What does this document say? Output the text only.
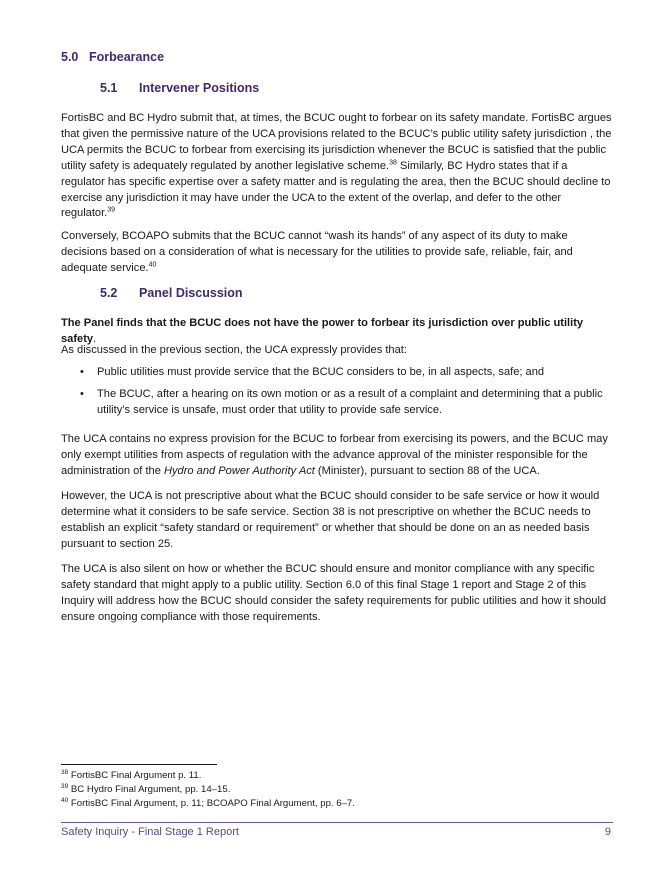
5.0 Forbearance
5.1 Intervener Positions

FortisBC and BC Hydro submit that, at times, the BCUC ought to forbear on its safety mandate. FortisBC argues that given the permissive nature of the UCA provisions related to the BCUC’s public utility safety jurisdiction , the UCA permits the BCUC to forbear from exercising its jurisdiction whenever the BCUC is satisfied that the public utility safety is adequately regulated by another legislative scheme.$^{38}$ Similarly, BC Hydro states that if a regulator has specific expertise over a safety matter and is regulating the area, then the BCUC should decline to exercise any jurisdiction it may have under the UCA to the extent of the overlap, and defer to the other regulator.$^{39}$

Conversely, BCOAPO submits that the BCUC cannot “wash its hands” of any aspect of its duty to make decisions based on a consideration of what is necessary for the utilities to provide safe, reliable, fair, and adequate service.$^{40}$

5.2 Panel Discussion

The Panel finds that the BCUC does not have the power to forbear its jurisdiction over public utility safety.

As discussed in the previous section, the UCA expressly provides that:

• Public utilities must provide service that the BCUC considers to be, in all aspects, safe; and
• The BCUC, after a hearing on its own motion or as a result of a complaint and determining that a public utility’s service is unsafe, must order that utility to provide safe service.

The UCA contains no express provision for the BCUC to forbear from exercising its powers, and the BCUC may only exempt utilities from aspects of regulation with the advance approval of the minister responsible for the administration of the Hydro and Power Authority Act (Minister), pursuant to section 88 of the UCA.

However, the UCA is not prescriptive about what the BCUC should consider to be safe service or how it would determine what it considers to be safe service. Section 38 is not prescriptive on whether the BCUC needs to establish an explicit “safety standard or requirement” or whether that should be done on an as needed basis pursuant to section 25.

The UCA is also silent on how or whether the BCUC should ensure and monitor compliance with any specific safety standard that might apply to a public utility. Section 6.0 of this final Stage 1 report and Stage 2 of this Inquiry will address how the BCUC should consider the safety requirements for public utilities and how it should ensure ongoing compliance with those requirements.

$^{38}$ FortisBC Final Argument p. 11.
$^{39}$ BC Hydro Final Argument, pp. 14–15.
$^{40}$ FortisBC Final Argument, p. 11; BCOAPO Final Argument, pp. 6–7.
Safety Inquiry - Final Stage 1 Report	9
